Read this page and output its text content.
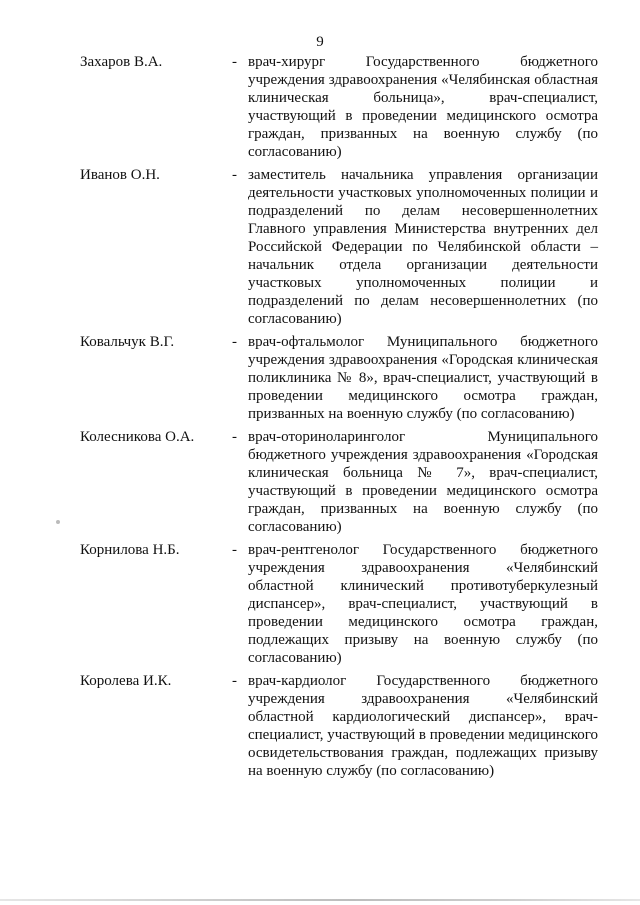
9
Захаров В.А.	- врач-хирург Государственного бюджетного учреждения здравоохранения «Челябинская областная клиническая больница», врач-специалист, участвующий в проведении медицинского осмотра граждан, призванных на военную службу (по согласованию)
Иванов О.Н.	- заместитель начальника управления организации деятельности участковых уполномоченных полиции и подразделений по делам несовершеннолетних Главного управления Министерства внутренних дел Российской Федерации по Челябинской области – начальник отдела организации деятельности участковых уполномоченных полиции и подразделений по делам несовершеннолетних (по согласованию)
Ковальчук В.Г.	- врач-офтальмолог Муниципального бюджетного учреждения здравоохранения «Городская клиническая поликлиника № 8», врач-специалист, участвующий в проведении медицинского осмотра граждан, призванных на военную службу (по согласованию)
Колесникова О.А.	- врач-оториноларинголог Муниципального бюджетного учреждения здравоохранения «Городская клиническая больница № 7», врач-специалист, участвующий в проведении медицинского осмотра граждан, призванных на военную службу (по согласованию)
Корнилова Н.Б.	- врач-рентгенолог Государственного бюджетного учреждения здравоохранения «Челябинский областной клинический противотуберкулезный диспансер», врач-специалист, участвующий в проведении медицинского осмотра граждан, подлежащих призыву на военную службу (по согласованию)
Королева И.К.	- врач-кардиолог Государственного бюджетного учреждения здравоохранения «Челябинский областной кардиологический диспансер», врач-специалист, участвующий в проведении медицинского освидетельствования граждан, подлежащих призыву на военную службу (по согласованию)
